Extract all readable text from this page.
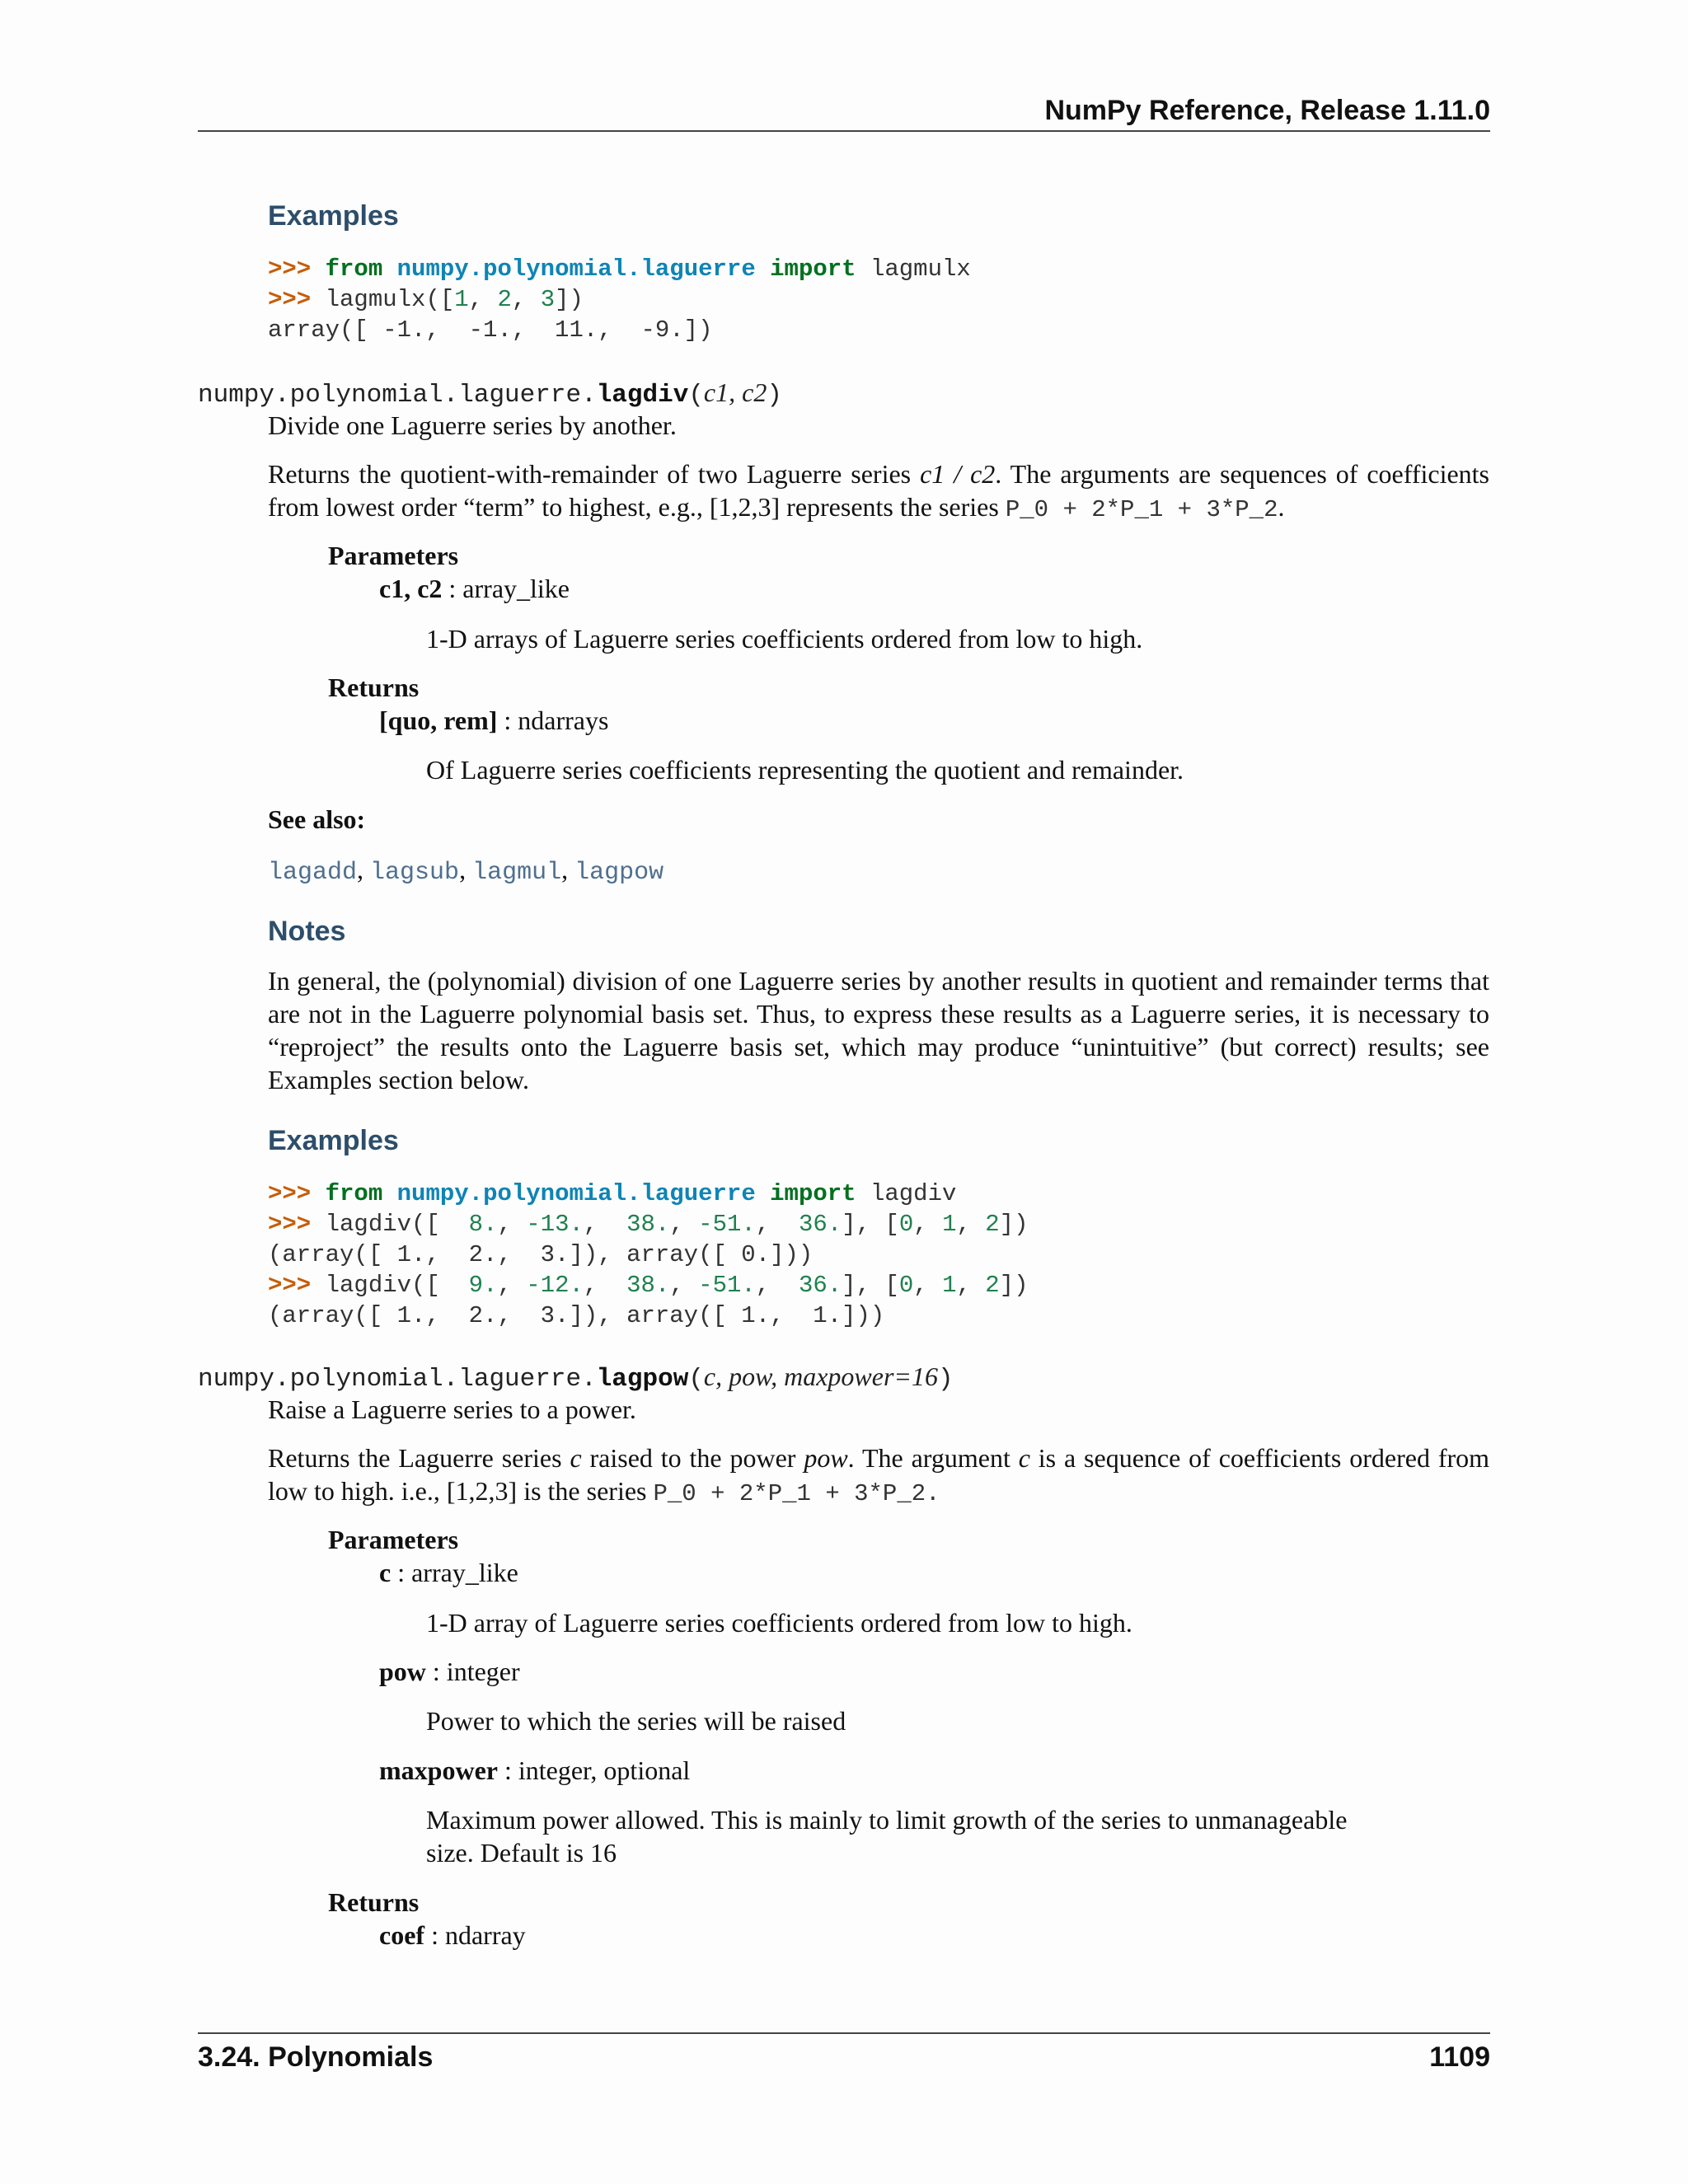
NumPy Reference, Release 1.11.0
Examples
>>> from numpy.polynomial.laguerre import lagmulx
>>> lagmulx([1, 2, 3])
array([ -1.,  -1.,  11.,  -9.])
numpy.polynomial.laguerre.lagdiv(c1, c2)
Divide one Laguerre series by another.
Returns the quotient-with-remainder of two Laguerre series c1 / c2. The arguments are sequences of coefficients from lowest order “term” to highest, e.g., [1,2,3] represents the series P_0 + 2*P_1 + 3*P_2.
Parameters
c1, c2 : array_like
1-D arrays of Laguerre series coefficients ordered from low to high.
Returns
[quo, rem] : ndarrays
Of Laguerre series coefficients representing the quotient and remainder.
See also:
lagadd, lagsub, lagmul, lagpow
Notes
In general, the (polynomial) division of one Laguerre series by another results in quotient and remainder terms that are not in the Laguerre polynomial basis set. Thus, to express these results as a Laguerre series, it is necessary to “reproject” the results onto the Laguerre basis set, which may produce “unintuitive” (but correct) results; see Examples section below.
Examples
>>> from numpy.polynomial.laguerre import lagdiv
>>> lagdiv([  8., -13.,  38., -51.,  36.], [0, 1, 2])
(array([ 1.,  2.,  3.]), array([ 0.]))
>>> lagdiv([  9., -12.,  38., -51.,  36.], [0, 1, 2])
(array([ 1.,  2.,  3.]), array([ 1.,  1.]))
numpy.polynomial.laguerre.lagpow(c, pow, maxpower=16)
Raise a Laguerre series to a power.
Returns the Laguerre series c raised to the power pow. The argument c is a sequence of coefficients ordered from low to high. i.e., [1,2,3] is the series P_0 + 2*P_1 + 3*P_2.
Parameters
c : array_like
1-D array of Laguerre series coefficients ordered from low to high.
pow : integer
Power to which the series will be raised
maxpower : integer, optional
Maximum power allowed. This is mainly to limit growth of the series to unmanageable size. Default is 16
Returns
coef : ndarray
3.24. Polynomials	1109
